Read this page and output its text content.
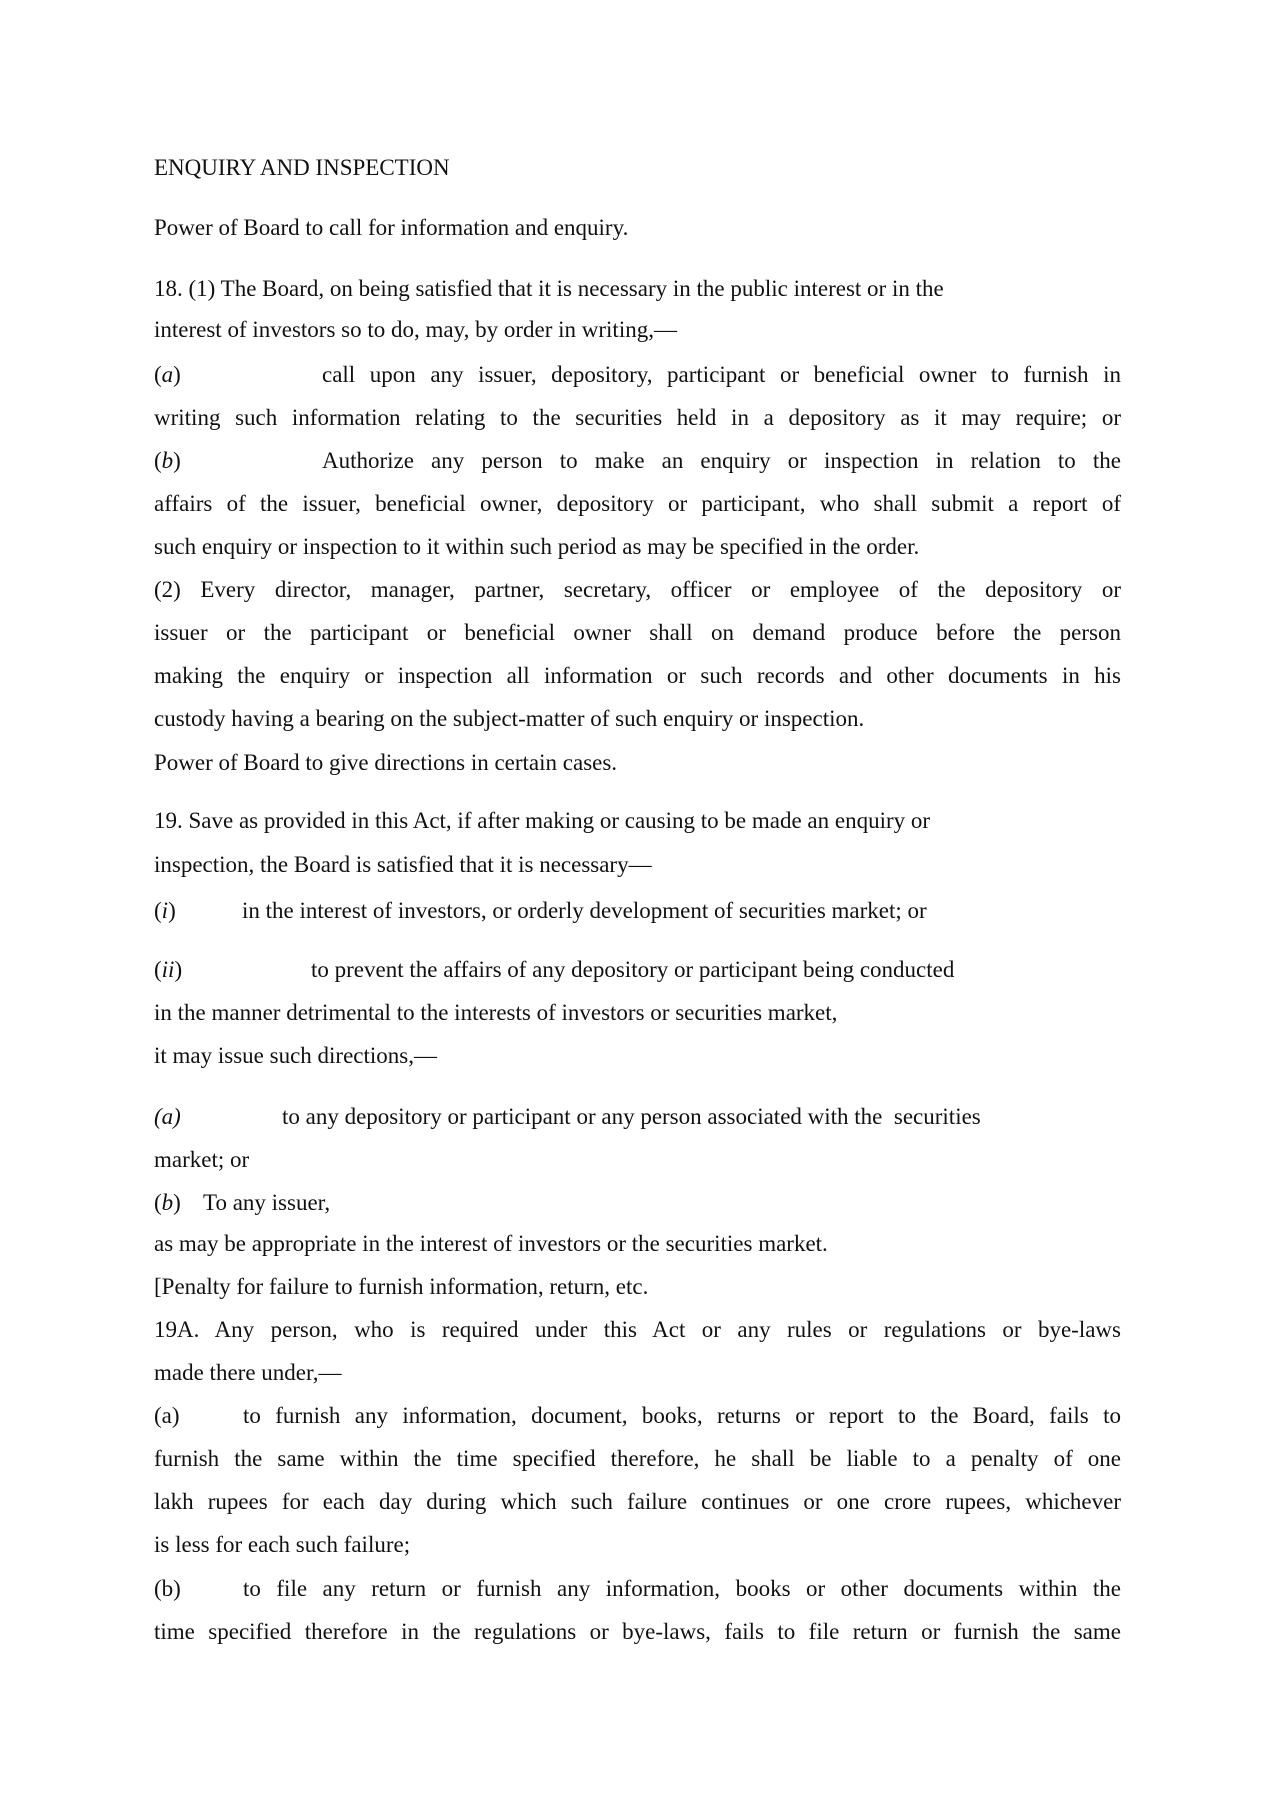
ENQUIRY AND INSPECTION
Power of Board to call for information and enquiry.
18. (1) The Board, on being satisfied that it is necessary in the public interest or in the
interest of investors so to do, may, by order in writing,—
(a)	call upon any issuer, depository, participant or beneficial owner to furnish in
writing such information relating to the securities held in a depository as it may require; or
(b)	Authorize any person to make an enquiry or inspection in relation to the
affairs of the issuer, beneficial owner, depository or participant, who shall submit a report of
such enquiry or inspection to it within such period as may be specified in the order.
(2) Every director, manager, partner, secretary, officer or employee of the depository or
issuer or the participant or beneficial owner shall on demand produce before the person
making the enquiry or inspection all information or such records and other documents in his
custody having a bearing on the subject-matter of such enquiry or inspection.
Power of Board to give directions in certain cases.
19. Save as provided in this Act, if after making or causing to be made an enquiry or
inspection, the Board is satisfied that it is necessary—
(i)	in the interest of investors, or orderly development of securities market; or
(ii)	to prevent the affairs of any depository or participant being conducted
in the manner detrimental to the interests of investors or securities market,
it may issue such directions,—
(a)	to any depository or participant or any person associated with the  securities
market; or
(b) To any issuer,
as may be appropriate in the interest of investors or the securities market.
[Penalty for failure to furnish information, return, etc.
19A. Any person, who is required under this Act or any rules or regulations or bye-laws
made there under,—
(a)	to furnish any information, document, books, returns or report to the Board, fails to
furnish the same within the time specified therefore, he shall be liable to a penalty of one
lakh rupees for each day during which such failure continues or one crore rupees, whichever
is less for each such failure;
(b)	to file any return or furnish any information, books or other documents within the
time specified therefore in the regulations or bye-laws, fails to file return or furnish the same
